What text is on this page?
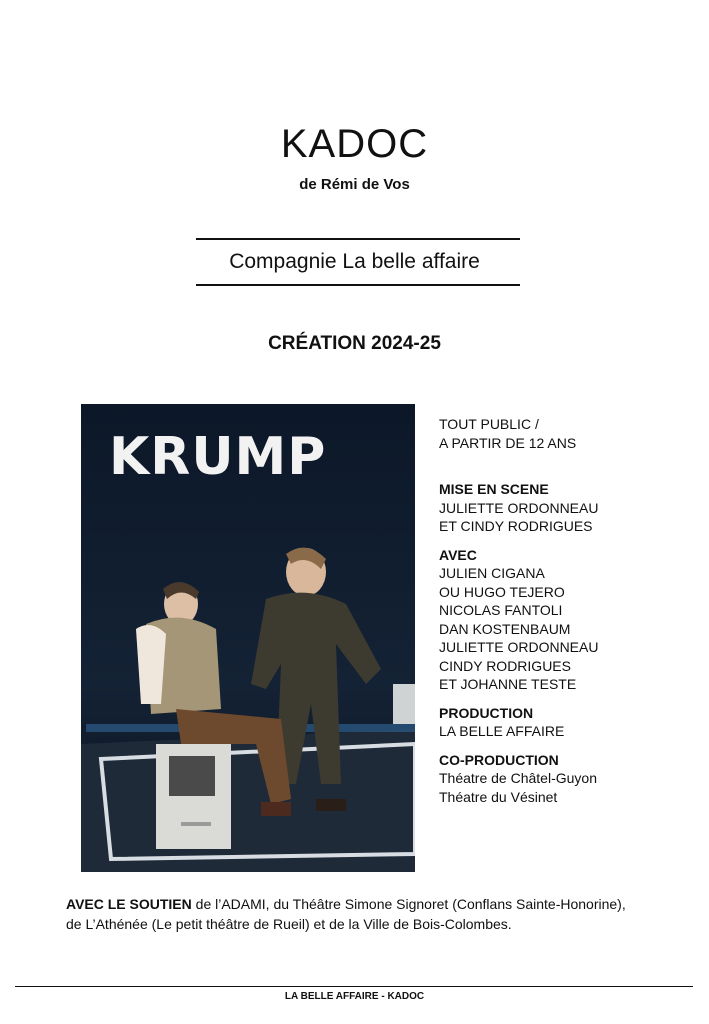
KADOC
de Rémi de Vos
Compagnie La belle affaire
CRÉATION 2024-25
KRUMP
TOUT PUBLIC /
A PARTIR DE 12 ANS
MISE EN SCENE
JULIETTE ORDONNEAU
ET CINDY RODRIGUES
AVEC
JULIEN CIGANA
OU HUGO TEJERO
NICOLAS FANTOLI
DAN KOSTENBAUM
JULIETTE ORDONNEAU
CINDY RODRIGUES
ET JOHANNE TESTE
PRODUCTION
LA BELLE AFFAIRE
CO-PRODUCTION
Théatre de Châtel-Guyon
Théatre du Vésinet
AVEC LE SOUTIEN de l’ADAMI, du Théâtre Simone Signoret (Conflans Sainte-Honorine), de L’Athénée (Le petit théâtre de Rueil) et de la Ville de Bois-Colombes.
LA BELLE AFFAIRE - KADOC
